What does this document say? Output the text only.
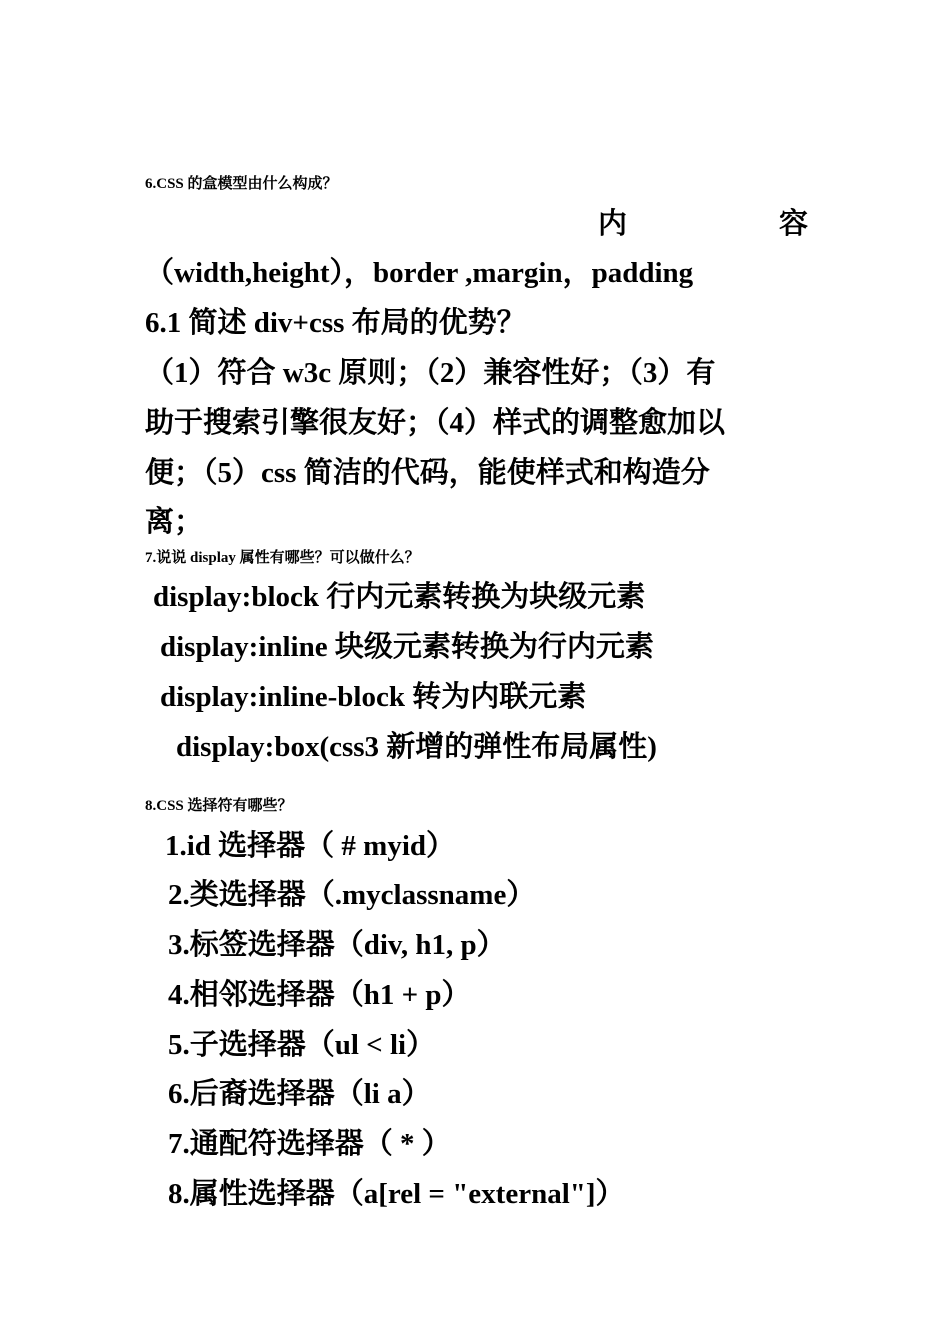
6.CSS 的盒模型由什么构成？
内	容
（width,height），border ,margin，padding
6.1 简述 div+css 布局的优势？
（1）符合 w3c 原则；（2）兼容性好；（3）有
助于搜索引擎很友好；（4）样式的调整愈加以
便；（5）css 简洁的代码，能使样式和构造分
离；
7.说说 display 属性有哪些？可以做什么？
display:block 行内元素转换为块级元素
display:inline 块级元素转换为行内元素
display:inline-block 转为内联元素
display:box(css3 新增的弹性布局属性)
8.CSS 选择符有哪些？
1.id 选择器（ # myid）
2.类选择器（.myclassname）
3.标签选择器（div, h1, p）
4.相邻选择器（h1 + p）
5.子选择器（ul < li）
6.后裔选择器（li a）
7.通配符选择器（ * ）
8.属性选择器（a[rel = "external"]）
